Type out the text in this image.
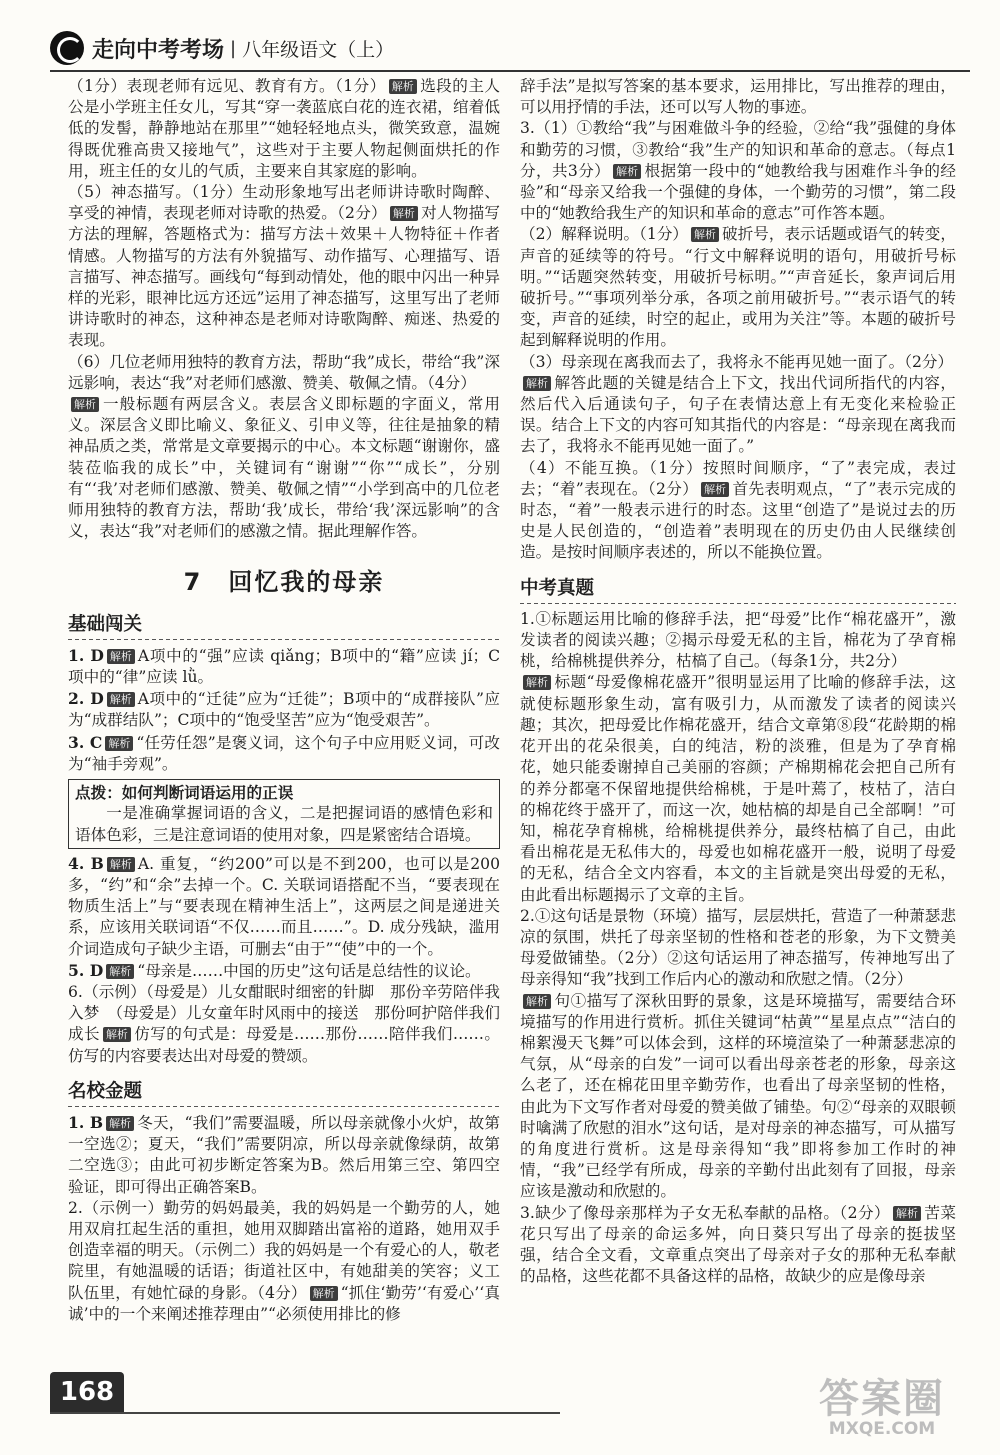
走向中考考场 | 八年级语文（上）

（1分）表现老师有远见、教育有方。（1分） 解析 选段的主人公是小学班主任女儿，写其“穿一袭蓝底白花的连衣裙，绾着低低的发髻，静静地站在那里”“她轻轻地点头，微笑致意，温婉得既优雅高贵又接地气”，这些对于主要人物起侧面烘托的作用，班主任的女儿的气质，主要来自其家庭的影响。

（5）神态描写。（1分）生动形象地写出老师讲诗歌时陶醉、享受的神情，表现老师对诗歌的热爱。（2分） 解析 对人物描写方法的理解，答题格式为：描写方法＋效果＋人物特征＋作者情感。人物描写的方法有外貌描写、动作描写、心理描写、语言描写、神态描写。画线句“每到动情处，他的眼中闪出一种异样的光彩，眼神比远方还远”运用了神态描写，这里写出了老师讲诗歌时的神态，这种神态是老师对诗歌陶醉、痴迷、热爱的表现。

（6）几位老师用独特的教育方法，帮助“我”成长，带给“我”深远影响，表达“我”对老师们感激、赞美、敬佩之情。（4分）
解析 一般标题有两层含义。表层含义即标题的字面义，常用义。深层含义即比喻义、象征义、引申义等，往往是抽象的精神品质之类，常常是文章要揭示的中心。本文标题“谢谢你，盛装莅临我的成长”中，关键词有“谢谢”“你”“成长”，分别有“‘我’对老师们感激、赞美、敬佩之情”“小学到高中的几位老师用独特的教育方法，帮助‘我’成长，带给‘我’深远影响”的含义，表达“我”对老师们的感激之情。据此理解作答。

7　回忆我的母亲
基础闯关

1. D 解析 A项中的“强”应读 qiǎng；B项中的“籍”应读 jí；C项中的“律”应读 lǜ。

2. D 解析 A项中的“迁徒”应为“迁徙”；B项中的“成群接队”应为“成群结队”；C项中的“饱受坚苦”应为“饱受艰苦”。

3. C 解析 “任劳任怨”是褒义词，这个句子中应用贬义词，可改为“袖手旁观”。

点拨：如何判断词语运用的正误

一是准确掌握词语的含义，二是把握词语的感情色彩和语体色彩，三是注意词语的使用对象，四是紧密结合语境。

4. B 解析 A. 重复，“约200”可以是不到200，也可以是200多，“约”和“余”去掉一个。C. 关联词语搭配不当，“要表现在物质生活上”与“要表现在精神生活上”，这两层之间是递进关系，应该用关联词语“不仅……而且……”。D. 成分残缺，滥用介词造成句子缺少主语，可删去“由于”“使”中的一个。

5. D 解析 “母亲是……中国的历史”这句话是总结性的议论。

6.（示例）（母爱是）儿女酣眠时细密的针脚　那份辛劳陪伴我入梦　（母爱是）儿女童年时风雨中的接送　那份呵护陪伴我们成长 解析 仿写的句式是：母爱是……那份……陪伴我们……。仿写的内容要表达出对母爱的赞颂。

名校金题

1. B 解析 冬天，“我们”需要温暖，所以母亲就像小火炉，故第一空选②；夏天，“我们”需要阴凉，所以母亲就像绿荫，故第二空选③；由此可初步断定答案为B。然后用第三空、第四空验证，即可得出正确答案B。

2.（示例一）勤劳的妈妈最美，我的妈妈是一个勤劳的人，她用双肩扛起生活的重担，她用双脚踏出富裕的道路，她用双手创造幸福的明天。（示例二）我的妈妈是一个有爱心的人，敬老院里，有她温暖的话语；街道社区中，有她甜美的笑容；义工队伍里，有她忙碌的身影。（4分） 解析 “抓住‘勤劳’‘有爱心’‘真诚’中的一个来阐述推荐理由”“必须使用排比的修

辞手法”是拟写答案的基本要求，运用排比，写出推荐的理由，可以用抒情的手法，还可以写人物的事迹。

3.（1）①教给“我”与困难做斗争的经验，②给“我”强健的身体和勤劳的习惯，③教给“我”生产的知识和革命的意志。（每点1分，共3分） 解析 根据第一段中的“她教给我与困难作斗争的经验”和“母亲又给我一个强健的身体，一个勤劳的习惯”，第二段中的“她教给我生产的知识和革命的意志”可作答本题。

（2）解释说明。（1分） 解析 破折号，表示话题或语气的转变，声音的延续等的符号。“行文中解释说明的语句，用破折号标明。”“话题突然转变，用破折号标明。”“声音延长，象声词后用破折号。”“事项列举分承，各项之前用破折号。”“表示语气的转变，声音的延续，时空的起止，或用为关注”等。本题的破折号起到解释说明的作用。

（3）母亲现在离我而去了，我将永不能再见她一面了。（2分）
解析 解答此题的关键是结合上下文，找出代词所指代的内容，然后代入后通读句子，句子在表情达意上有无变化来检验正误。结合上下文的内容可知其指代的内容是：“母亲现在离我而去了，我将永不能再见她一面了。”

（4）不能互换。（1分）按照时间顺序，“了”表完成，表过去；“着”表现在。（2分） 解析 首先表明观点，“了”表示完成的时态，“着”一般表示进行的时态。这里“创造了”是说过去的历史是人民创造的，“创造着”表明现在的历史仍由人民继续创造。是按时间顺序表述的，所以不能换位置。

中考真题

1.①标题运用比喻的修辞手法，把“母爱”比作“棉花盛开”，激发读者的阅读兴趣；②揭示母爱无私的主旨，棉花为了孕育棉桃，给棉桃提供养分，枯槁了自己。（每条1分，共2分）
解析 标题“母爱像棉花盛开”很明显运用了比喻的修辞手法，这就使标题形象生动，富有吸引力，从而激发了读者的阅读兴趣；其次，把母爱比作棉花盛开，结合文章第⑧段“花龄期的棉花开出的花朵很美，白的纯洁，粉的淡雅，但是为了孕育棉花，她只能委谢掉自己美丽的容颜；产棉期棉花会把自己所有的养分都毫不保留地提供给棉桃，于是叶蔫了，枝枯了，洁白的棉花终于盛开了，而这一次，她枯槁的却是自己全部啊！”可知，棉花孕育棉桃，给棉桃提供养分，最终枯槁了自己，由此看出棉花是无私伟大的，母爱也如棉花盛开一般，说明了母爱的无私，结合全文内容看，本文的主旨就是突出母爱的无私，由此看出标题揭示了文章的主旨。

2.①这句话是景物（环境）描写，层层烘托，营造了一种萧瑟悲凉的氛围，烘托了母亲坚韧的性格和苍老的形象，为下文赞美母爱做铺垫。（2分）②这句话运用了神态描写，传神地写出了母亲得知“我”找到工作后内心的激动和欣慰之情。（2分）
解析 句①描写了深秋田野的景象，这是环境描写，需要结合环境描写的作用进行赏析。抓住关键词“枯黄”“星星点点”“洁白的棉絮漫天飞舞”可以体会到，这样的环境渲染了一种萧瑟悲凉的气氛，从“母亲的白发”一词可以看出母亲苍老的形象，母亲这么老了，还在棉花田里辛勤劳作，也看出了母亲坚韧的性格，由此为下文写作者对母爱的赞美做了铺垫。句②“母亲的双眼顿时噙满了欣慰的泪水”这句话，是对母亲的神态描写，可从描写的角度进行赏析。这是母亲得知“我”即将参加工作时的神情，“我”已经学有所成，母亲的辛勤付出此刻有了回报，母亲应该是激动和欣慰的。

3.缺少了像母亲那样为子女无私奉献的品格。（2分） 解析 苦菜花只写出了母亲的命运多舛，向日葵只写出了母亲的挺拔坚强，结合全文看，文章重点突出了母亲对子女的那种无私奉献的品格，这些花都不具备这样的品格，故缺少的应是像母亲

168	答案圈
MXQE.COM
